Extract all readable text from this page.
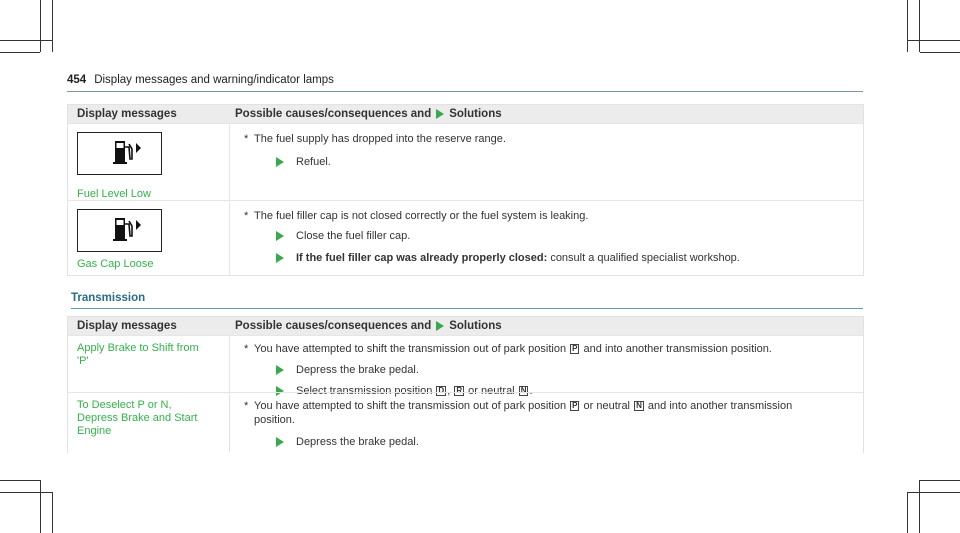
454 Display messages and warning/indicator lamps
Display messages	Possible causes/consequences and Solutions
Fuel Level Low
* The fuel supply has dropped into the reserve range.
Refuel.
Gas Cap Loose
* The fuel filler cap is not closed correctly or the fuel system is leaking.
Close the fuel filler cap.
If the fuel filler cap was already properly closed: consult a qualified specialist workshop.
Transmission
Display messages	Possible causes/consequences and Solutions
Apply Brake to Shift from
'P'
* You have attempted to shift the transmission out of park position P and into another transmission position.
Depress the brake pedal.
Select transmission position D , R or neutral N .
To Deselect P or N,
Depress Brake and Start
Engine
* You have attempted to shift the transmission out of park position P or neutral N and into another transmission
position.
Depress the brake pedal.
